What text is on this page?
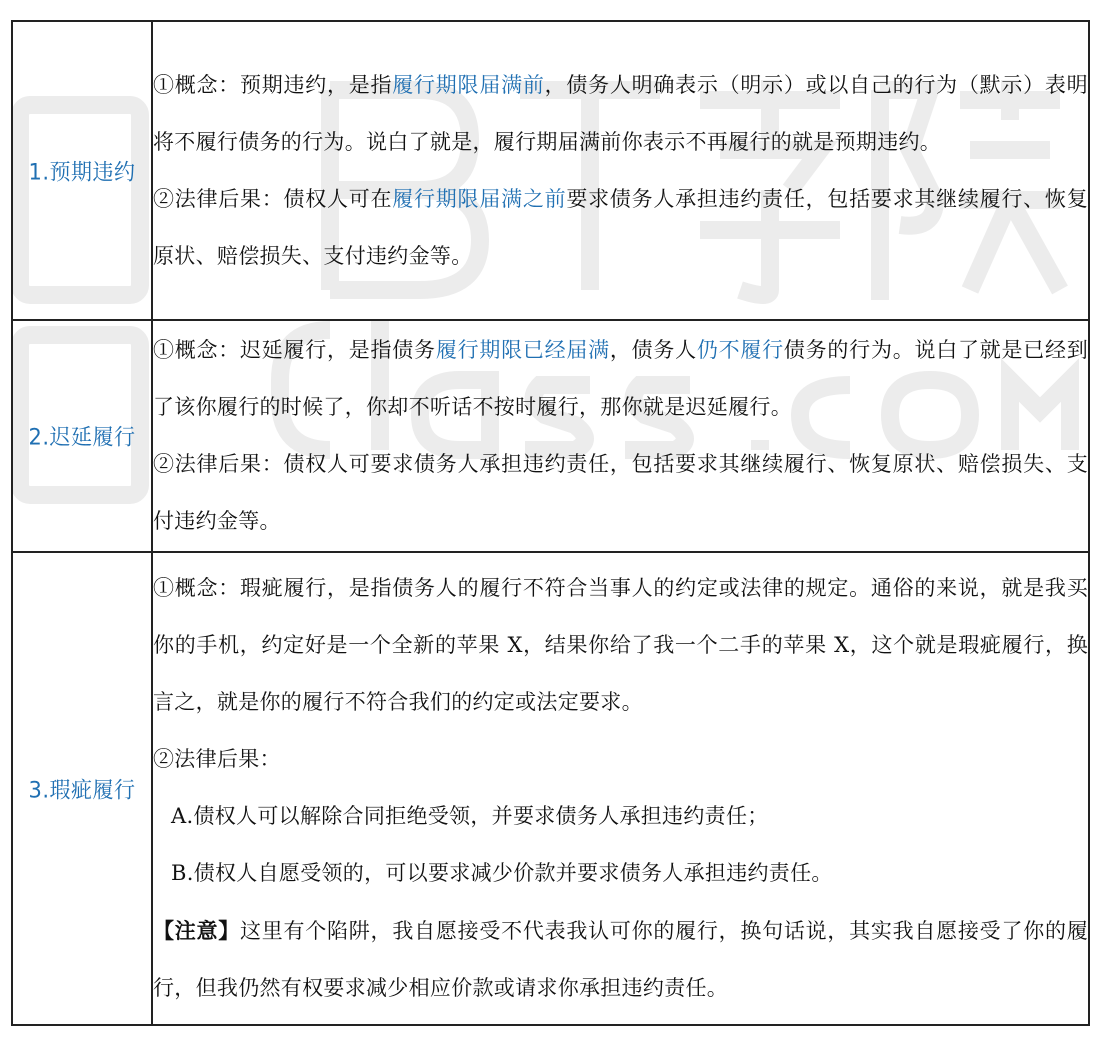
1.预期违约	①概念：预期违约，是指履行期限届满前，债务人明确表示（明示）或以自己的行为（默示）表明将不履行债务的行为。说白了就是，履行期届满前你表示不再履行的就是预期违约。

②法律后果：债权人可在履行期限届满之前要求债务人承担违约责任，包括要求其继续履行、恢复原状、赔偿损失、支付违约金等。

2.迟延履行	①概念：迟延履行，是指债务履行期限已经届满，债务人仍不履行债务的行为。说白了就是已经到了该你履行的时候了，你却不听话不按时履行，那你就是迟延履行。

②法律后果：债权人可要求债务人承担违约责任，包括要求其继续履行、恢复原状、赔偿损失、支付违约金等。

3.瑕疵履行	①概念：瑕疵履行，是指债务人的履行不符合当事人的约定或法律的规定。通俗的来说，就是我买你的手机，约定好是一个全新的苹果 X，结果你给了我一个二手的苹果 X，这个就是瑕疵履行，换言之，就是你的履行不符合我们的约定或法定要求。

②法律后果：

A.债权人可以解除合同拒绝受领，并要求债务人承担违约责任；

B.债权人自愿受领的，可以要求减少价款并要求债务人承担违约责任。

【注意】这里有个陷阱，我自愿接受不代表我认可你的履行，换句话说，其实我自愿接受了你的履行，但我仍然有权要求减少相应价款或请求你承担违约责任。
